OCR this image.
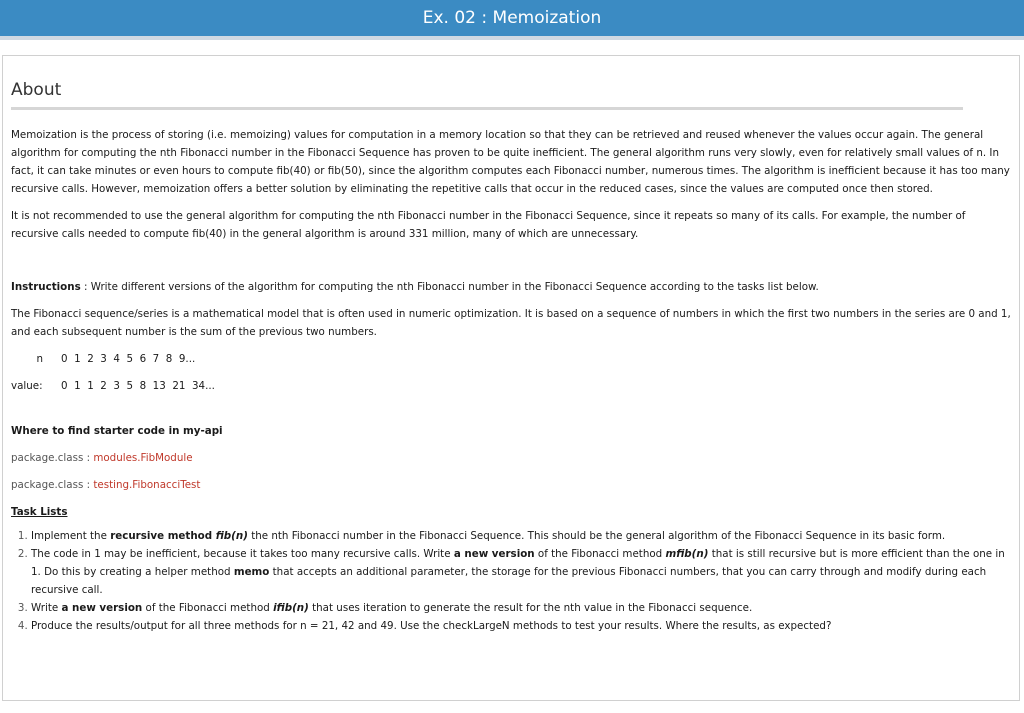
Ex. 02 : Memoization
About

Memoization is the process of storing (i.e. memoizing) values for computation in a memory location so that they can be retrieved and reused whenever the values occur again. The general algorithm for computing the nth Fibonacci number in the Fibonacci Sequence has proven to be quite inefficient. The general algorithm runs very slowly, even for relatively small values of n. In fact, it can take minutes or even hours to compute fib(40) or fib(50), since the algorithm computes each Fibonacci number, numerous times. The algorithm is inefficient because it has too many recursive calls. However, memoization offers a better solution by eliminating the repetitive calls that occur in the reduced cases, since the values are computed once then stored.

It is not recommended to use the general algorithm for computing the nth Fibonacci number in the Fibonacci Sequence, since it repeats so many of its calls. For example, the number of recursive calls needed to compute fib(40) in the general algorithm is around 331 million, many of which are unnecessary.

Instructions : Write different versions of the algorithm for computing the nth Fibonacci number in the Fibonacci Sequence according to the tasks list below.

The Fibonacci sequence/series is a mathematical model that is often used in numeric optimization. It is based on a sequence of numbers in which the first two numbers in the series are 0 and 1, and each subsequent number is the sum of the previous two numbers.

n 0  1  2  3  4  5  6  7  8  9...
value: 0  1  1  2  3  5  8  13  21  34...

Where to find starter code in my-api

package.class : modules.FibModule

package.class : testing.FibonacciTest

Task Lists

1. Implement the recursive method fib(n) the nth Fibonacci number in the Fibonacci Sequence. This should be the general algorithm of the Fibonacci Sequence in its basic form.
2. The code in 1 may be inefficient, because it takes too many recursive calls. Write a new version of the Fibonacci method mfib(n) that is still recursive but is more efficient than the one in 1. Do this by creating a helper method memo that accepts an additional parameter, the storage for the previous Fibonacci numbers, that you can carry through and modify during each recursive call.
3. Write a new version of the Fibonacci method ifib(n) that uses iteration to generate the result for the nth value in the Fibonacci sequence.
4. Produce the results/output for all three methods for n = 21, 42 and 49. Use the checkLargeN methods to test your results. Where the results, as expected?
